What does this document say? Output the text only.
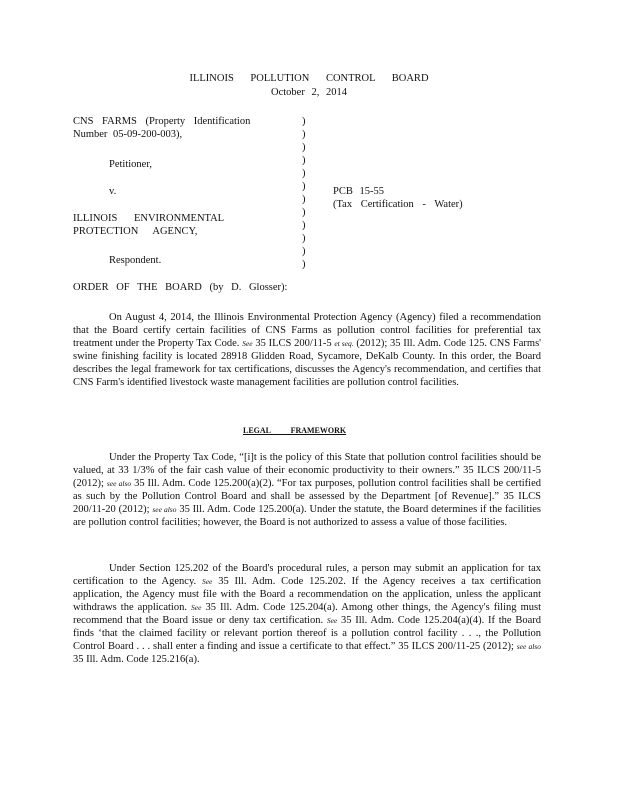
ILLINOIS POLLUTION CONTROL BOARD
October 2, 2014
CNS FARMS (Property Identification
Number 05-09-200-003),
Petitioner,
v.
ILLINOIS ENVIRONMENTAL
PROTECTION AGENCY,
Respondent.
)
)
)
)
)
)
)
)
)
)
)
)
PCB 15-55
(Tax Certification - Water)
ORDER OF THE BOARD (by D. Glosser):

On August 4, 2014, the Illinois Environmental Protection Agency (Agency) filed a recommendation that the Board certify certain facilities of CNS Farms as pollution control facilities for preferential tax treatment under the Property Tax Code. See 35 ILCS 200/11-5 et seq. (2012); 35 Ill. Adm. Code 125. CNS Farms' swine finishing facility is located 28918 Glidden Road, Sycamore, DeKalb County. In this order, the Board describes the legal framework for tax certifications, discusses the Agency's recommendation, and certifies that CNS Farm's identified livestock waste management facilities are pollution control facilities.

LEGAL FRAMEWORK

Under the Property Tax Code, “[i]t is the policy of this State that pollution control facilities should be valued, at 33 1/3% of the fair cash value of their economic productivity to their owners.” 35 ILCS 200/11-5 (2012); see also 35 Ill. Adm. Code 125.200(a)(2). “For tax purposes, pollution control facilities shall be certified as such by the Pollution Control Board and shall be assessed by the Department [of Revenue].” 35 ILCS 200/11-20 (2012); see also 35 Ill. Adm. Code 125.200(a). Under the statute, the Board determines if the facilities are pollution control facilities; however, the Board is not authorized to assess a value of those facilities.

Under Section 125.202 of the Board's procedural rules, a person may submit an application for tax certification to the Agency. See 35 Ill. Adm. Code 125.202. If the Agency receives a tax certification application, the Agency must file with the Board a recommendation on the application, unless the applicant withdraws the application. See 35 Ill. Adm. Code 125.204(a). Among other things, the Agency's filing must recommend that the Board issue or deny tax certification. See 35 Ill. Adm. Code 125.204(a)(4). If the Board finds ‘that the claimed facility or relevant portion thereof is a pollution control facility . . ., the Pollution Control Board . . . shall enter a finding and issue a certificate to that effect.” 35 ILCS 200/11-25 (2012); see also 35 Ill. Adm. Code 125.216(a).
